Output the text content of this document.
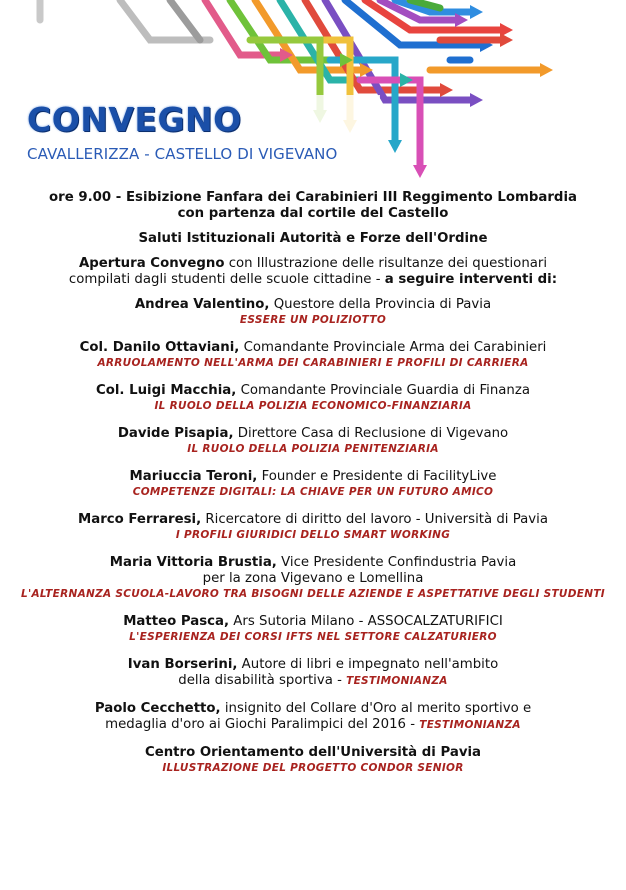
CONVEGNO
CAVALLERIZZA - CASTELLO DI VIGEVANO
ore 9.00 - Esibizione Fanfara dei Carabinieri III Reggimento Lombardia
con partenza dal cortile del Castello
Saluti Istituzionali Autorità e Forze dell'Ordine
Apertura Convegno con Illustrazione delle risultanze dei questionari
compilati dagli studenti delle scuole cittadine - a seguire interventi di:
Andrea Valentino, Questore della Provincia di Pavia
ESSERE UN POLIZIOTTO
Col. Danilo Ottaviani, Comandante Provinciale Arma dei Carabinieri
ARRUOLAMENTO NELL'ARMA DEI CARABINIERI E PROFILI DI CARRIERA
Col. Luigi Macchia, Comandante Provinciale Guardia di Finanza
IL RUOLO DELLA POLIZIA ECONOMICO-FINANZIARIA
Davide Pisapia, Direttore Casa di Reclusione di Vigevano
IL RUOLO DELLA POLIZIA PENITENZIARIA
Mariuccia Teroni, Founder e Presidente di FacilityLive
COMPETENZE DIGITALI: LA CHIAVE PER UN FUTURO AMICO
Marco Ferraresi, Ricercatore di diritto del lavoro - Università di Pavia
I PROFILI GIURIDICI DELLO SMART WORKING
Maria Vittoria Brustia, Vice Presidente Confindustria Pavia
per la zona Vigevano e Lomellina
L'ALTERNANZA SCUOLA-LAVORO TRA BISOGNI DELLE AZIENDE E ASPETTATIVE DEGLI STUDENTI
Matteo Pasca, Ars Sutoria Milano - ASSOCALZATURIFICI
L'ESPERIENZA DEI CORSI IFTS NEL SETTORE CALZATURIERO
Ivan Borserini, Autore di libri e impegnato nell'ambito
della disabilità sportiva - TESTIMONIANZA
Paolo Cecchetto, insignito del Collare d'Oro al merito sportivo e
medaglia d'oro ai Giochi Paralimpici del 2016 - TESTIMONIANZA
Centro Orientamento dell'Università di Pavia
ILLUSTRAZIONE DEL PROGETTO CONDOR SENIOR
